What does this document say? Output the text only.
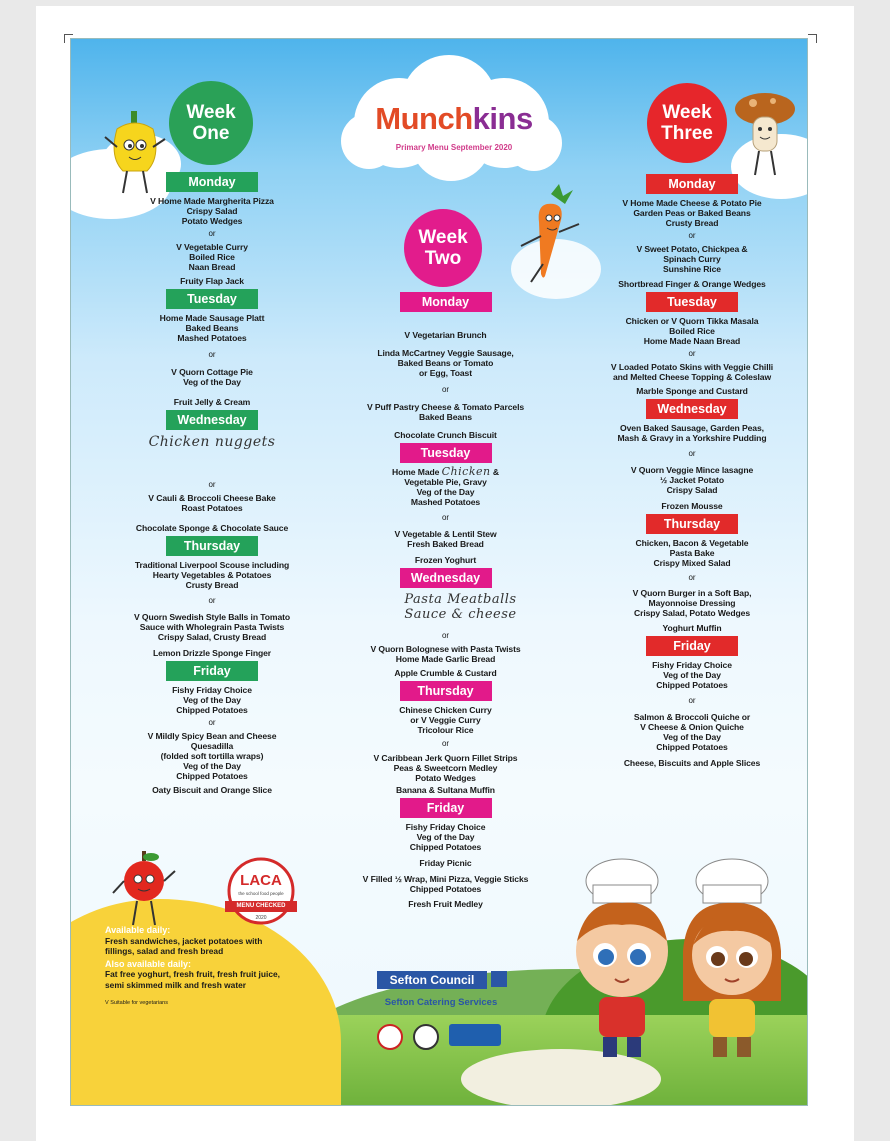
Munchkins
Primary Menu September 2020
Week
One
Week
Two
Week
Three
LACA
the school food people
MENU CHECKED
2020
Available daily:
Fresh sandwiches, jacket potatoes with
fillings, salad and fresh bread
Also available daily:
Fat free yoghurt, fresh fruit, fresh fruit juice,
semi skimmed milk and fresh water
V Suitable for vegetarians
Sefton Council
Sefton Catering Services
Monday
V Home Made Margherita Pizza
Crispy Salad
Potato Wedges
or
V Vegetable Curry
Boiled Rice
Naan Bread
Fruity Flap Jack
Tuesday
Home Made Sausage Platt
Baked Beans
Mashed Potatoes
or
V Quorn Cottage Pie
Veg of the Day
Fruit Jelly & Cream
Wednesday
Chicken nuggets
or
V Cauli & Broccoli Cheese Bake
Roast Potatoes
Chocolate Sponge & Chocolate Sauce
Thursday
Traditional Liverpool Scouse including
Hearty Vegetables & Potatoes
Crusty Bread
or
V Quorn Swedish Style Balls in Tomato
Sauce with Wholegrain Pasta Twists
Crispy Salad, Crusty Bread
Lemon Drizzle Sponge Finger
Friday
Fishy Friday Choice
Veg of the Day
Chipped Potatoes
or
V Mildly Spicy Bean and Cheese
Quesadilla
(folded soft tortilla wraps)
Veg of the Day
Chipped Potatoes
Oaty Biscuit and Orange Slice
Monday
V Vegetarian Brunch
Linda McCartney Veggie Sausage,
Baked Beans or Tomato
or Egg, Toast
or
V Puff Pastry Cheese & Tomato Parcels
Baked Beans
Chocolate Crunch Biscuit
Tuesday
Home Made Chicken &
Vegetable Pie, Gravy
Veg of the Day
Mashed Potatoes
or
V Vegetable & Lentil Stew
Fresh Baked Bread
Frozen Yoghurt
Wednesday
Pasta Meatballs
Sauce & cheese
or
V Quorn Bolognese with Pasta Twists
Home Made Garlic Bread
Apple Crumble & Custard
Thursday
Chinese Chicken Curry
or V Veggie Curry
Tricolour Rice
or
V Caribbean Jerk Quorn Fillet Strips
Peas & Sweetcorn Medley
Potato Wedges
Banana & Sultana Muffin
Friday
Fishy Friday Choice
Veg of the Day
Chipped Potatoes
Friday Picnic
V Filled ½ Wrap, Mini Pizza, Veggie Sticks
Chipped Potatoes
Fresh Fruit Medley
Monday
V Home Made Cheese & Potato Pie
Garden Peas or Baked Beans
Crusty Bread
or
V Sweet Potato, Chickpea &
Spinach Curry
Sunshine Rice
Shortbread Finger & Orange Wedges
Tuesday
Chicken or V Quorn Tikka Masala
Boiled Rice
Home Made Naan Bread
or
V Loaded Potato Skins with Veggie Chilli
and Melted Cheese Topping & Coleslaw
Marble Sponge and Custard
Wednesday
Oven Baked Sausage, Garden Peas,
Mash & Gravy in a Yorkshire Pudding
or
V Quorn Veggie Mince lasagne
½ Jacket Potato
Crispy Salad
Frozen Mousse
Thursday
Chicken, Bacon & Vegetable
Pasta Bake
Crispy Mixed Salad
or
V Quorn Burger in a Soft Bap,
Mayonnoise Dressing
Crispy Salad, Potato Wedges
Yoghurt Muffin
Friday
Fishy Friday Choice
Veg of the Day
Chipped Potatoes
or
Salmon & Broccoli Quiche or
V Cheese & Onion Quiche
Veg of the Day
Chipped Potatoes
Cheese, Biscuits and Apple Slices
